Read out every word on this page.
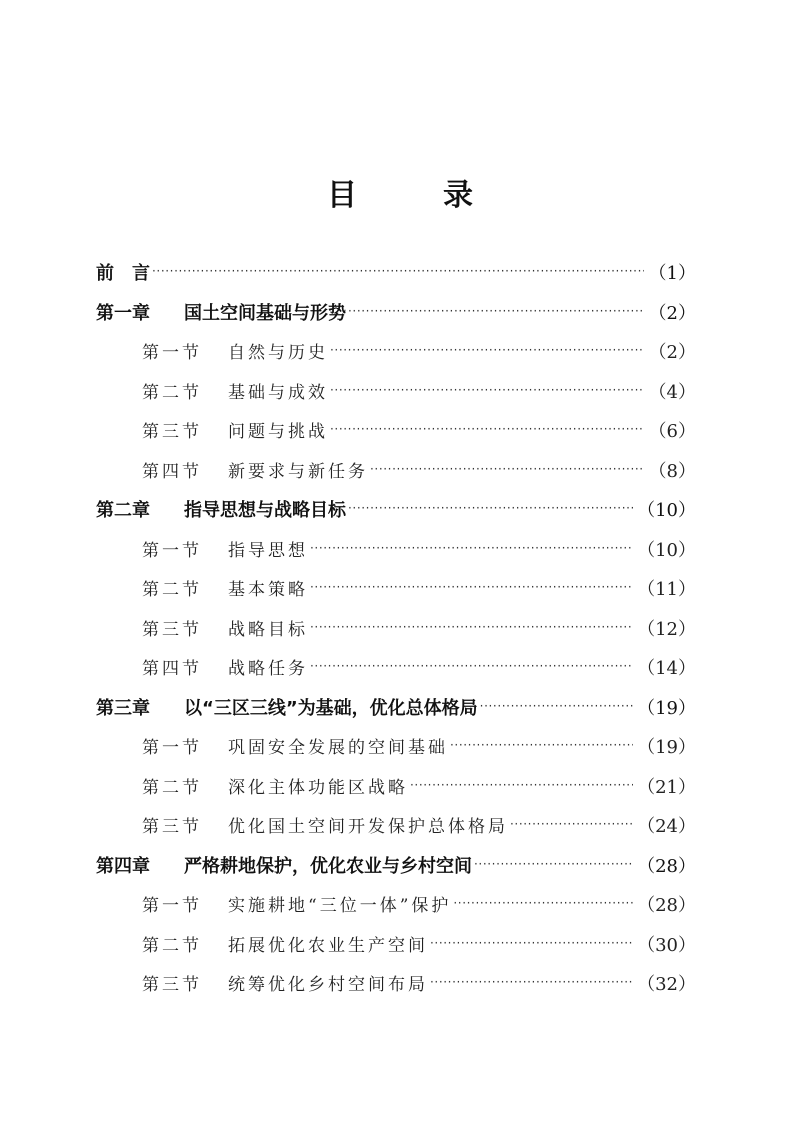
目　录
前　言 ·····	（1）
第一章	国土空间基础与形势 ·····	（2）
第一节	自然与历史 ·····	（2）
第二节	基础与成效 ·····	（4）
第三节	问题与挑战 ·····	（6）
第四节	新要求与新任务 ·····	（8）
第二章	指导思想与战略目标 ·····	（10）
第一节	指导思想 ·····	（10）
第二节	基本策略 ·····	（11）
第三节	战略目标 ·····	（12）
第四节	战略任务 ·····	（14）
第三章	以“三区三线”为基础，优化总体格局 ·····	（19）
第一节	巩固安全发展的空间基础 ·····	（19）
第二节	深化主体功能区战略 ·····	（21）
第三节	优化国土空间开发保护总体格局 ·····	（24）
第四章	严格耕地保护，优化农业与乡村空间 ·····	（28）
第一节	实施耕地“三位一体”保护 ·····	（28）
第二节	拓展优化农业生产空间 ·····	（30）
第三节	统筹优化乡村空间布局 ·····	（32）
